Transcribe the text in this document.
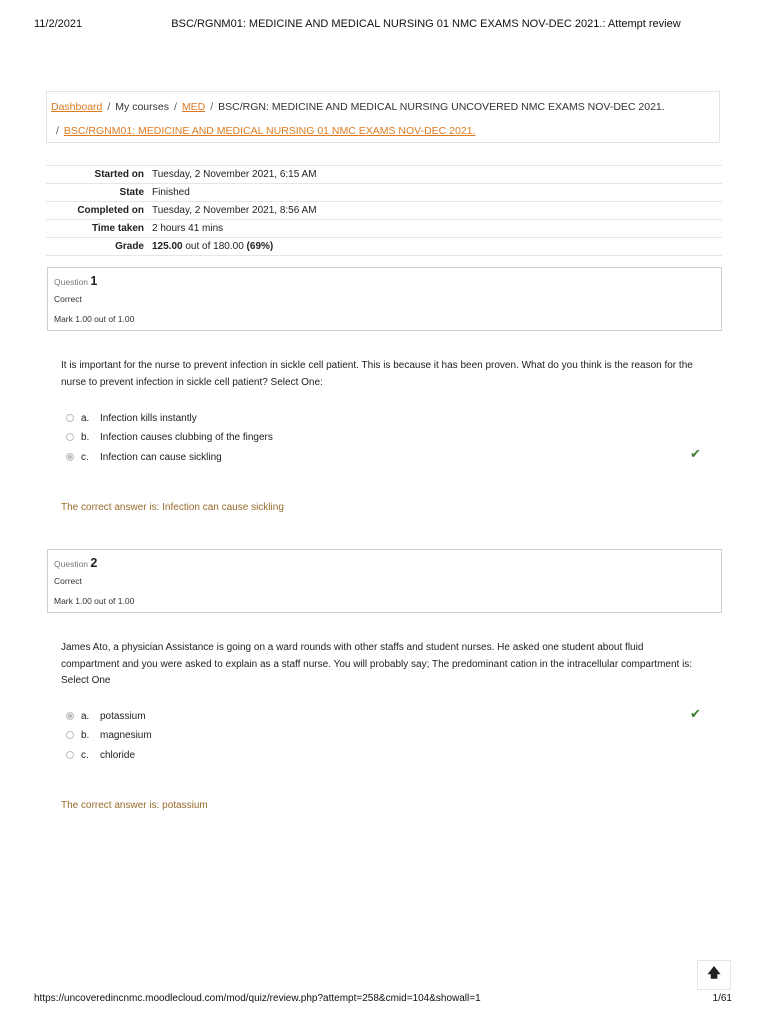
11/2/2021	BSC/RGNM01: MEDICINE AND MEDICAL NURSING 01 NMC EXAMS NOV-DEC 2021.: Attempt review
Dashboard / My courses / MED / BSC/RGN: MEDICINE AND MEDICAL NURSING UNCOVERED NMC EXAMS NOV-DEC 2021.
/ BSC/RGNM01: MEDICINE AND MEDICAL NURSING 01 NMC EXAMS NOV-DEC 2021.
Started on	Tuesday, 2 November 2021, 6:15 AM
State	Finished
Completed on	Tuesday, 2 November 2021, 8:56 AM
Time taken	2 hours 41 mins
Grade	125.00 out of 180.00 (69%)
Question 1
Correct
Mark 1.00 out of 1.00
It is important for the nurse to prevent infection in sickle cell patient. This is because it has been proven. What do you think is the reason for the nurse to prevent infection in sickle cell patient? Select One:
a.	Infection kills instantly
b.	Infection causes clubbing of the fingers
c.	Infection can cause sickling	✔
The correct answer is: Infection can cause sickling
Question 2
Correct
Mark 1.00 out of 1.00
James Ato, a physician Assistance is going on a ward rounds with other staffs and student nurses. He asked one student about fluid compartment and you were asked to explain as a staff nurse. You will probably say; The predominant cation in the intracellular compartment is: Select One
a.	potassium
b.	magnesium
c.	chloride
✔
The correct answer is: potassium
🡅
https://uncoveredincnmc.moodlecloud.com/mod/quiz/review.php?attempt=258&cmid=104&showall=1	1/61
